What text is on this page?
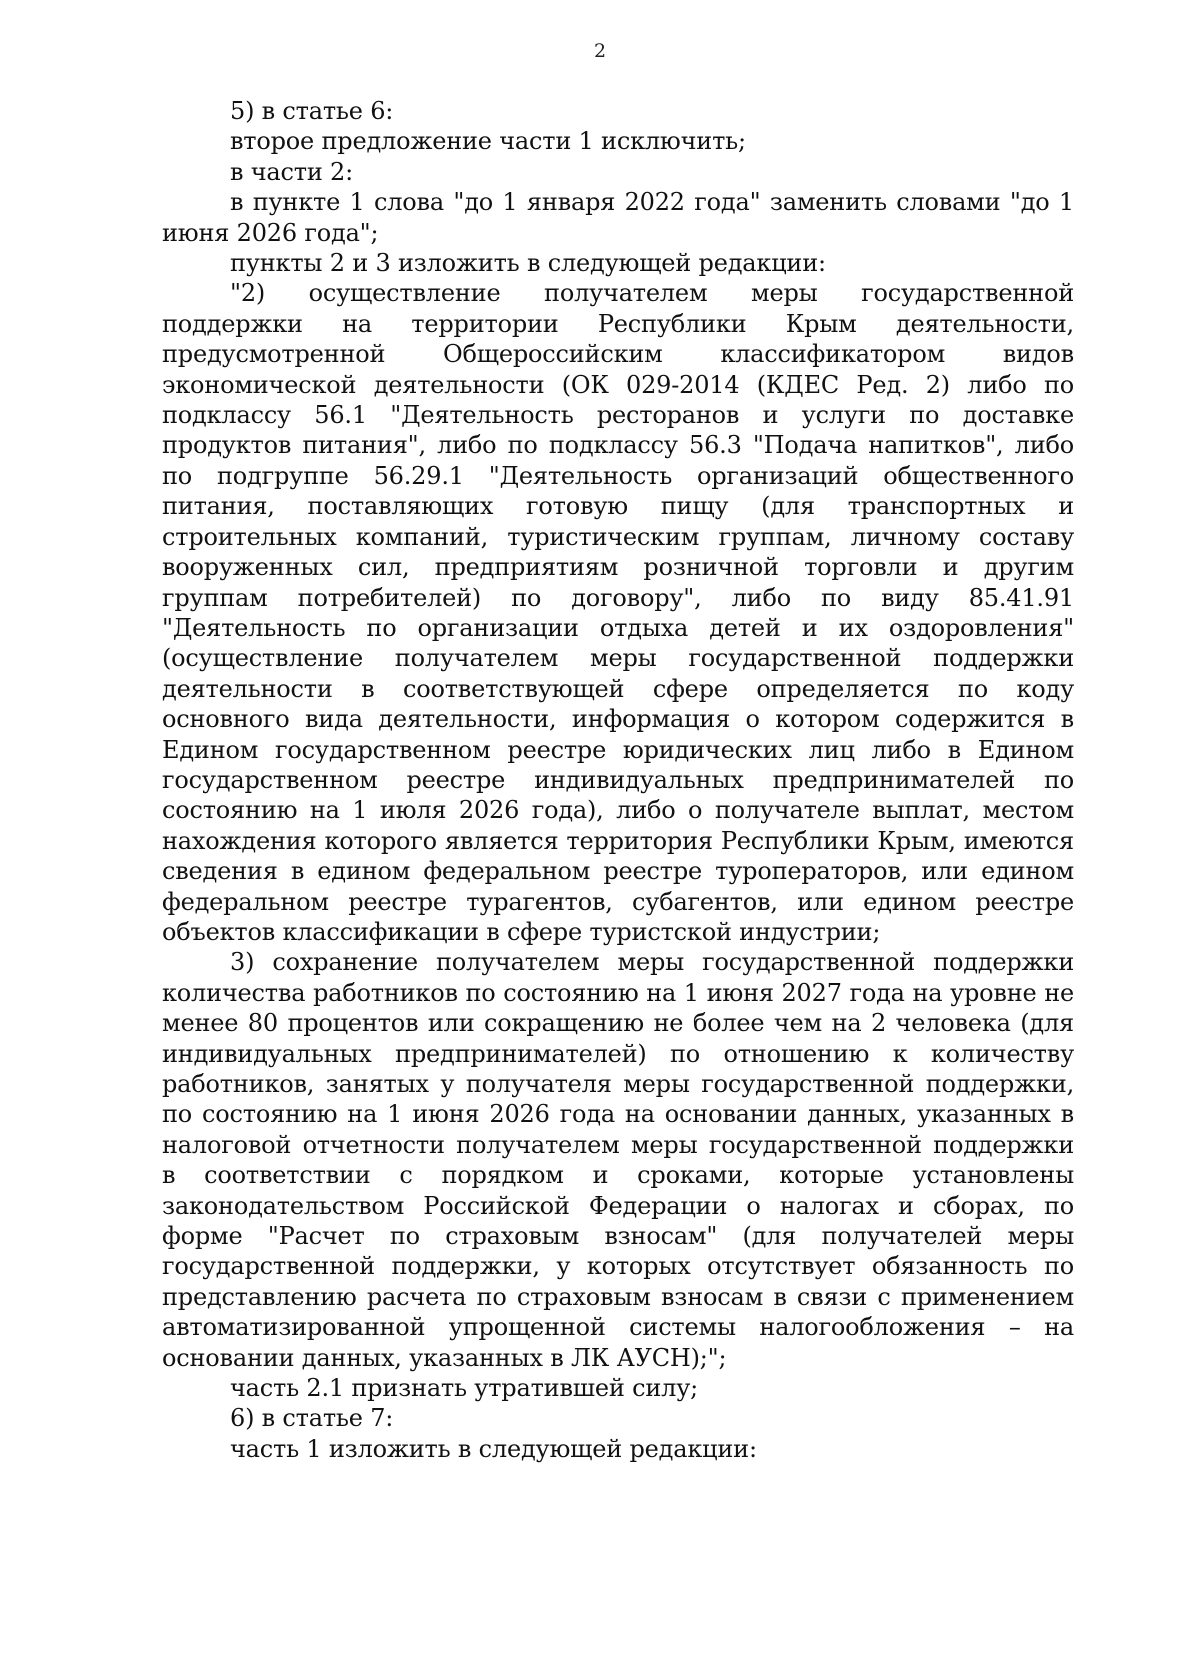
2

5) в статье 6:

второе предложение части 1 исключить;

в части 2:

в пункте 1 слова "до 1 января 2022 года" заменить словами "до 1 июня 2026 года";

пункты 2 и 3 изложить в следующей редакции:

"2) осуществление получателем меры государственной поддержки на территории Республики Крым деятельности, предусмотренной Общероссийским классификатором видов экономической деятельности (ОК 029-2014 (КДЕС Ред. 2) либо по подклассу 56.1 "Деятельность ресторанов и услуги по доставке продуктов питания", либо по подклассу 56.3 "Подача напитков", либо по подгруппе 56.29.1 "Деятельность организаций общественного питания, поставляющих готовую пищу (для транспортных и строительных компаний, туристическим группам, личному составу вооруженных сил, предприятиям розничной торговли и другим группам потребителей) по договору", либо по виду 85.41.91 "Деятельность по организации отдыха детей и их оздоровления" (осуществление получателем меры государственной поддержки деятельности в соответствующей сфере определяется по коду основного вида деятельности, информация о котором содержится в Едином государственном реестре юридических лиц либо в Едином государственном реестре индивидуальных предпринимателей по состоянию на 1 июля 2026 года), либо о получателе выплат, местом нахождения которого является территория Республики Крым, имеются сведения в едином федеральном реестре туроператоров, или едином федеральном реестре турагентов, субагентов, или едином реестре объектов классификации в сфере туристской индустрии;

3) сохранение получателем меры государственной поддержки количества работников по состоянию на 1 июня 2027 года на уровне не менее 80 процентов или сокращению не более чем на 2 человека (для индивидуальных предпринимателей) по отношению к количеству работников, занятых у получателя меры государственной поддержки, по состоянию на 1 июня 2026 года на основании данных, указанных в налоговой отчетности получателем меры государственной поддержки в соответствии с порядком и сроками, которые установлены законодательством Российской Федерации о налогах и сборах, по форме "Расчет по страховым взносам" (для получателей меры государственной поддержки, у которых отсутствует обязанность по представлению расчета по страховым взносам в связи с применением автоматизированной упрощенной системы налогообложения – на основании данных, указанных в ЛК АУСН);";

часть 2.1 признать утратившей силу;

6) в статье 7:

часть 1 изложить в следующей редакции:
